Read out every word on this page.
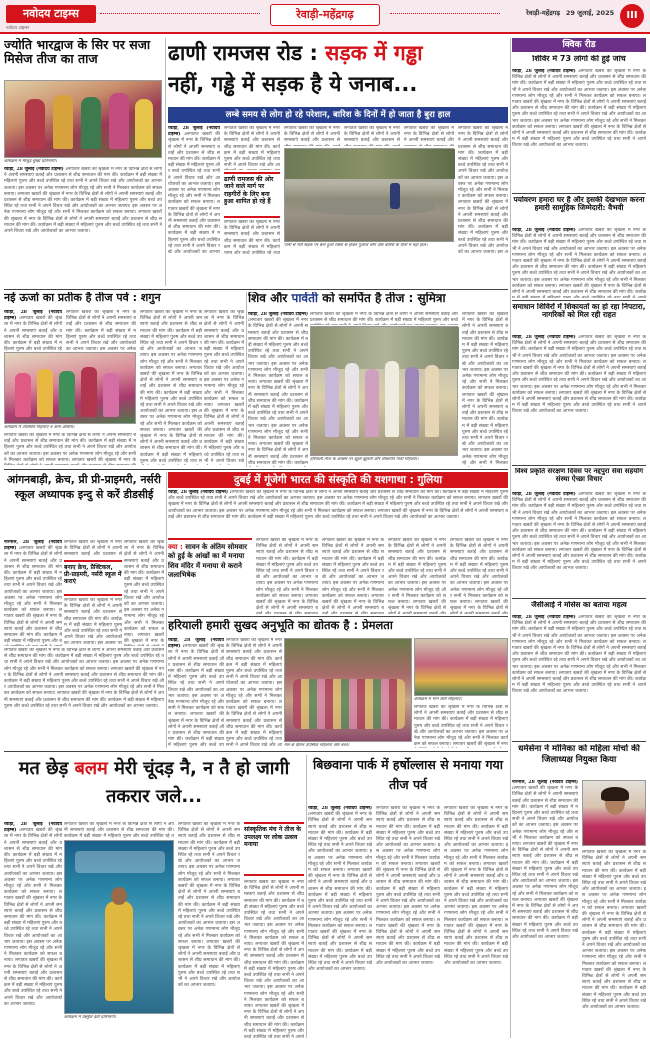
नवोदय टाइम्स
नवोदय टाइम्स
रेवाड़ी-महेंद्रगढ़	रेवाड़ी-महेंद्रगढ़ 29 जुलाई, 2025	III
ज्योति भारद्वाज के सिर पर सजा मिसेज तीज का ताज
कार्यक्रम में मौजूद मुख्य प्रतिभागी।
रेवाड़ी, 28 जुलाई (नवोदय टाइम्स) :लगातार खबरों की श्रृंखला में नगर के विभिन्न क्षेत्रों से लोगों ने अपनी समस्याएं बताईं और प्रशासन से शीघ्र समाधान की मांग की। कार्यक्रम में बड़ी संख्या में महिलाएं पुरुष और बच्चे उपस्थित रहे तथा सभी ने अपने विचार रखे और आयोजकों का आभार जताया। इस अवसर पर अनेक गणमान्य लोग मौजूद रहे और सभी ने मिलकर कार्यक्रम को सफल बनाया। लगातार खबरों की श्रृंखला में नगर के विभिन्न क्षेत्रों से लोगों ने अपनी समस्याएं बताईं और प्रशासन से शीघ्र समाधान की मांग की। कार्यक्रम में बड़ी संख्या में महिलाएं पुरुष और बच्चे उपस्थित रहे तथा सभी ने अपने विचार रखे और आयोजकों का आभार जताया। इस अवसर पर अनेक गणमान्य लोग मौजूद रहे और सभी ने मिलकर कार्यक्रम को सफल बनाया। लगातार खबरों की श्रृंखला में नगर के विभिन्न क्षेत्रों से लोगों ने अपनी समस्याएं बताईं और प्रशासन से शीघ्र समाधान की मांग की। कार्यक्रम में बड़ी संख्या में महिलाएं पुरुष और बच्चे उपस्थित रहे तथा सभी ने अपने विचार रखे और आयोजकों का आभार जताया।
ढाणी रामजस रोड : सड़क में गड्ढा
नहीं, गड्ढे में सड़क है ये जनाब...
लम्बे समय से लोग हो रहे परेशान, बारिश के दिनों में हो जाता है बुरा हाल
रेवाड़ी, 28 जुलाई (नवोदय टाइम्स) :लगातार खबरों की श्रृंखला में नगर के विभिन्न क्षेत्रों से लोगों ने अपनी समस्याएं बताईं और प्रशासन से शीघ्र समाधान की मांग की। कार्यक्रम में बड़ी संख्या में महिलाएं पुरुष और बच्चे उपस्थित रहे तथा सभी ने अपने विचार रखे और आयोजकों का आभार जताया। इस अवसर पर अनेक गणमान्य लोग मौजूद रहे और सभी ने मिलकर कार्यक्रम को सफल बनाया। लगातार खबरों की श्रृंखला में नगर के विभिन्न क्षेत्रों से लोगों ने अपनी समस्याएं बताईं और प्रशासन से शीघ्र समाधान की मांग की। कार्यक्रम में बड़ी संख्या में महिलाएं पुरुष और बच्चे उपस्थित रहे तथा सभी ने अपने विचार रखे और आयोजकों का आभार जताया। इस अवसर पर अनेक गणमान्य लोग मौजूद रहे और सभी ने मिलकर कार्यक्रम को सफल बनाया। लगातार खबरों की श्रृंखला में नगर के विभिन्न क्षेत्रों से लोगों ने अपनी समस्याएं बताईं और प्रशासन से शीघ्र समाधान की मांग की। कार्यक्रम में बड़ी संख्या में महिलाएं पुरुष और बच्चे उपस्थित रहे तथा सभी ने अपने विचार रखे और आयोजकों का आभार जताया।
ढाणी रामजस की ओर जाने वाले मार्ग पर राहगीरों के लिए बना हुआ शापित हो रहे हैं
लगातार खबरों की श्रृंखला में नगर के विभिन्न क्षेत्रों से लोगों ने अपनी समस्याएं बताईं और प्रशासन से शीघ्र समाधान की मांग की। कार्यक्रम में बड़ी संख्या में महिलाएं पुरुष और बच्चे उपस्थित रहे तथा सभी ने अपने विचार रखे और आयोजकों का आभार जताया। इस अवसर पर अनेक गणमान्य लोग मौजूद रहे और सभी ने मिलकर कार्यक्रम को सफल बनाया। लगातार खबरों की श्रृंखला में नगर के विभिन्न क्षेत्रों से लोगों ने अपनी समस्याएं बताईं और प्रशासन से शीघ्र समाधान की मांग की। कार्यक्रम में बड़ी संख्या में महिलाएं पुरुष और बच्चे उपस्थित रहे तथा सभी ने अपने विचार रखे और आयोजकों का आभार जताया। इस अवसर पर अनेक गणमान्य लोग मौजूद रहे और सभी ने मिलकर कार्यक्रम को सफल बनाया। लगातार खबरों की श्रृंखला में नगर के विभिन्न क्षेत्रों से लोगों ने अपनी समस्याएं बताईं और प्रशासन से शीघ्र समाधान की मांग की। कार्यक्रम में बड़ी संख्या में महिलाएं पुरुष और बच्चे उपस्थित रहे तथा सभी ने अपने विचार रखे और आयोजकों का आभार जताया।
लगातार खबरों की श्रृंखला में नगर के विभिन्न क्षेत्रों से लोगों ने अपनी समस्याएं बताईं और प्रशासन से शीघ्र समाधान की मांग की। कार्यक्रम में बड़ी संख्या में महिलाएं पुरुष और बच्चे उपस्थित रहे तथा सभी ने अपने विचार रखे और आयोजकों का आभार जताया। इस अवसर पर अनेक गणमान्य लोग मौजूद रहे और सभी ने मिलकर कार्यक्रम को सफल बनाया। लगातार खबरों की श्रृंखला में नगर के विभिन्न क्षेत्रों से लोगों ने अपनी समस्याएं बताईं और प्रशासन से शीघ्र समाधान की मांग की। कार्यक्रम में बड़ी संख्या में महिलाएं पुरुष और बच्चे उपस्थित रहे तथा सभी ने अपने विचार रखे और आयोजकों का आभार जताया। इस अवसर पर अनेक गणमान्य लोग मौजूद रहे और सभी ने मिलकर कार्यक्रम को सफल बनाया। लगातार खबरों की श्रृंखला में नगर के विभिन्न क्षेत्रों से लोगों ने अपनी समस्याएं बताईं और प्रशासन से शीघ्र समाधान की मांग की। कार्यक्रम में बड़ी संख्या में महिलाएं पुरुष और बच्चे उपस्थित रहे तथा सभी ने अपने विचार रखे और आयोजकों का आभार जताया।
लगातार खबरों की श्रृंखला में नगर के विभिन्न क्षेत्रों से लोगों ने अपनी समस्याएं बताईं और प्रशासन से शीघ्र समाधान की मांग की। कार्यक्रम में बड़ी संख्या में महिलाएं पुरुष और बच्चे उपस्थित रहे तथा सभी ने अपने विचार रखे और आयोजकों का आभार जताया। इस अवसर पर अनेक गणमान्य लोग मौजूद रहे और सभी ने मिलकर कार्यक्रम को सफल बनाया। लगातार खबरों की श्रृंखला में नगर के विभिन्न क्षेत्रों से लोगों ने अपनी समस्याएं बताईं और प्रशासन से शीघ्र समाधान की मांग की। कार्यक्रम में बड़ी संख्या में महिलाएं पुरुष और बच्चे उपस्थित रहे तथा सभी ने अपने विचार रखे और आयोजकों का आभार जताया। इस अवसर पर अनेक गणमान्य लोग मौजूद रहे और सभी ने मिलकर कार्यक्रम को सफल बनाया। लगातार खबरों की श्रृंखला में नगर के विभिन्न क्षेत्रों से लोगों ने अपनी समस्याएं बताईं और प्रशासन से शीघ्र समाधान की मांग की। कार्यक्रम में बड़ी संख्या में महिलाएं पुरुष और बच्चे उपस्थित रहे तथा सभी ने अपने विचार रखे और आयोजकों का आभार जताया।
लगातार खबरों की श्रृंखला में नगर के विभिन्न क्षेत्रों से लोगों ने अपनी समस्याएं बताईं और प्रशासन से शीघ्र समाधान की मांग की। कार्यक्रम में बड़ी संख्या में महिलाएं पुरुष और बच्चे उपस्थित रहे तथा सभी ने अपने विचार रखे और आयोजकों का आभार जताया। इस अवसर पर अनेक गणमान्य लोग मौजूद रहे और सभी ने मिलकर कार्यक्रम को सफल बनाया। लगातार खबरों की श्रृंखला में नगर के विभिन्न क्षेत्रों से लोगों ने अपनी समस्याएं बताईं और प्रशासन से शीघ्र समाधान की मांग की। कार्यक्रम में बड़ी संख्या में महिलाएं पुरुष और बच्चे उपस्थित रहे तथा सभी ने अपने विचार रखे और आयोजकों का आभार जताया। इस अवसर पर अनेक गणमान्य लोग मौजूद रहे और सभी ने मिलकर कार्यक्रम को सफल बनाया। लगातार खबरों की श्रृंखला में नगर के विभिन्न क्षेत्रों से लोगों ने अपनी समस्याएं बताईं और प्रशासन से शीघ्र समाधान की मांग की। कार्यक्रम में बड़ी संख्या में महिलाएं पुरुष और बच्चे उपस्थित रहे तथा सभी ने अपने विचार रखे और आयोजकों का आभार जताया।
लगातार खबरों की श्रृंखला में नगर के विभिन्न क्षेत्रों से लोगों ने अपनी समस्याएं बताईं और प्रशासन से शीघ्र समाधान की मांग की। कार्यक्रम में बड़ी संख्या में महिलाएं पुरुष और बच्चे उपस्थित रहे तथा सभी ने अपने विचार रखे और आयोजकों का आभार जताया। इस अवसर पर अनेक गणमान्य लोग मौजूद रहे और सभी ने मिलकर कार्यक्रम को सफल बनाया। लगातार खबरों की श्रृंखला में नगर के विभिन्न क्षेत्रों से लोगों ने अपनी समस्याएं बताईं और प्रशासन से शीघ्र समाधान की मांग की। कार्यक्रम में बड़ी संख्या में महिलाएं पुरुष और बच्चे उपस्थित रहे तथा सभी ने अपने विचार रखे और आयोजकों का आभार जताया। इस अवसर पर अनेक गणमान्य लोग मौजूद रहे और सभी ने मिलकर कार्यक्रम को सफल बनाया। लगातार खबरों की श्रृंखला में नगर के विभिन्न क्षेत्रों से लोगों ने अपनी समस्याएं बताईं और प्रशासन से शीघ्र समाधान की मांग की। कार्यक्रम में बड़ी संख्या में महिलाएं पुरुष और बच्चे उपस्थित रहे तथा सभी ने अपने विचार रखे और आयोजकों का आभार जताया।
लगातार खबरों की श्रृंखला में नगर के विभिन्न क्षेत्रों से लोगों ने अपनी समस्याएं बताईं और प्रशासन से शीघ्र समाधान की मांग की। कार्यक्रम में बड़ी संख्या में महिलाएं पुरुष और बच्चे उपस्थित रहे तथा सभी ने अपने विचार रखे और आयोजकों का आभार जताया। इस अवसर पर अनेक गणमान्य लोग मौजूद रहे और सभी ने मिलकर कार्यक्रम को सफल बनाया। लगातार खबरों की श्रृंखला में नगर के विभिन्न क्षेत्रों से लोगों ने अपनी समस्याएं बताईं और प्रशासन से शीघ्र समाधान की मांग की। कार्यक्रम में बड़ी संख्या में महिलाएं पुरुष और बच्चे उपस्थित रहे तथा सभी ने अपने विचार रखे और आयोजकों का आभार जताया। इस अवसर पर अनेक गणमान्य लोग मौजूद रहे और सभी ने मिलकर कार्यक्रम को सफल बनाया। लगातार खबरों की श्रृंखला में नगर के विभिन्न क्षेत्रों से लोगों ने अपनी समस्याएं बताईं और प्रशासन से शीघ्र समाधान की मांग की। कार्यक्रम में बड़ी संख्या में महिलाएं पुरुष और बच्चे उपस्थित रहे तथा सभी ने अपने विचार रखे और आयोजकों का आभार जताया।
पानी से भरी सड़क पर बना हुआ रास्ता से होकर गुजरते लोग और बारिश के दिनों में यही हाल।
क्विक रीड
शिविर में 73 लोगों की हुई जांच
रेवाड़ी, 28 जुलाई (नवोदय टाइम्स) :लगातार खबरों की श्रृंखला में नगर के विभिन्न क्षेत्रों से लोगों ने अपनी समस्याएं बताईं और प्रशासन से शीघ्र समाधान की मांग की। कार्यक्रम में बड़ी संख्या में महिलाएं पुरुष और बच्चे उपस्थित रहे तथा सभी ने अपने विचार रखे और आयोजकों का आभार जताया। इस अवसर पर अनेक गणमान्य लोग मौजूद रहे और सभी ने मिलकर कार्यक्रम को सफल बनाया। लगातार खबरों की श्रृंखला में नगर के विभिन्न क्षेत्रों से लोगों ने अपनी समस्याएं बताईं और प्रशासन से शीघ्र समाधान की मांग की। कार्यक्रम में बड़ी संख्या में महिलाएं पुरुष और बच्चे उपस्थित रहे तथा सभी ने अपने विचार रखे और आयोजकों का आभार जताया। इस अवसर पर अनेक गणमान्य लोग मौजूद रहे और सभी ने मिलकर कार्यक्रम को सफल बनाया। लगातार खबरों की श्रृंखला में नगर के विभिन्न क्षेत्रों से लोगों ने अपनी समस्याएं बताईं और प्रशासन से शीघ्र समाधान की मांग की। कार्यक्रम में बड़ी संख्या में महिलाएं पुरुष और बच्चे उपस्थित रहे तथा सभी ने अपने विचार रखे और आयोजकों का आभार जताया।
पर्यावरण हमारा घर है और इसकी देखभाल करना हमारी सामूहिक जिम्मेदारी: वैभवी
रेवाड़ी, 28 जुलाई (नवोदय टाइम्स) :लगातार खबरों की श्रृंखला में नगर के विभिन्न क्षेत्रों से लोगों ने अपनी समस्याएं बताईं और प्रशासन से शीघ्र समाधान की मांग की। कार्यक्रम में बड़ी संख्या में महिलाएं पुरुष और बच्चे उपस्थित रहे तथा सभी ने अपने विचार रखे और आयोजकों का आभार जताया। इस अवसर पर अनेक गणमान्य लोग मौजूद रहे और सभी ने मिलकर कार्यक्रम को सफल बनाया। लगातार खबरों की श्रृंखला में नगर के विभिन्न क्षेत्रों से लोगों ने अपनी समस्याएं बताईं और प्रशासन से शीघ्र समाधान की मांग की। कार्यक्रम में बड़ी संख्या में महिलाएं पुरुष और बच्चे उपस्थित रहे तथा सभी ने अपने विचार रखे और आयोजकों का आभार जताया। इस अवसर पर अनेक गणमान्य लोग मौजूद रहे और सभी ने मिलकर कार्यक्रम को सफल बनाया। लगातार खबरों की श्रृंखला में नगर के विभिन्न क्षेत्रों से लोगों ने अपनी समस्याएं बताईं और प्रशासन से शीघ्र समाधान की मांग की। कार्यक्रम में बड़ी संख्या में महिलाएं पुरुष और बच्चे उपस्थित रहे तथा सभी ने अपने विचार रखे और आयोजकों का आभार जताया।
नई ऊर्जा का प्रतीक है तीज पर्व : शगुन
रेवाड़ी, 28 जुलाई (नवोदय टाइम्स) :लगातार खबरों की श्रृंखला में नगर के विभिन्न क्षेत्रों से लोगों ने अपनी समस्याएं बताईं और प्रशासन से शीघ्र समाधान की मांग की। कार्यक्रम में बड़ी संख्या में महिलाएं पुरुष और बच्चे उपस्थित रहे तथा सभी ने अपने विचार रखे और आयोजकों का आभार जताया। इस अवसर पर अनेक गणमान्य लोग मौजूद रहे और सभी ने मिलकर कार्यक्रम को सफल बनाया। लगातार खबरों की श्रृंखला में नगर के विभिन्न क्षेत्रों से लोगों ने अपनी समस्याएं बताईं और प्रशासन से शीघ्र समाधान की मांग की। कार्यक्रम में बड़ी संख्या में महिलाएं पुरुष और बच्चे उपस्थित रहे तथा सभी ने अपने विचार रखे और आयोजकों का आभार जताया। इस अवसर पर अनेक गणमान्य लोग मौजूद रहे और सभी ने मिलकर कार्यक्रम को सफल बनाया। लगातार खबरों की श्रृंखला में नगर के विभिन्न क्षेत्रों से लोगों ने अपनी समस्याएं बताईं और प्रशासन से शीघ्र समाधान की मांग की। कार्यक्रम में बड़ी संख्या में महिलाएं पुरुष और बच्चे उपस्थित रहे तथा सभी ने अपने विचार रखे और आयोजकों का आभार जताया।
कार्यक्रम में उपस्थित महिलाएं व अन्य अतिथि।
लगातार खबरों की श्रृंखला में नगर के विभिन्न क्षेत्रों से लोगों ने अपनी समस्याएं बताईं और प्रशासन से शीघ्र समाधान की मांग की। कार्यक्रम में बड़ी संख्या में महिलाएं पुरुष और बच्चे उपस्थित रहे तथा सभी ने अपने विचार रखे और आयोजकों का आभार जताया। इस अवसर पर अनेक गणमान्य लोग मौजूद रहे और सभी ने मिलकर कार्यक्रम को सफल बनाया। लगातार खबरों की श्रृंखला में नगर के विभिन्न क्षेत्रों से लोगों ने अपनी समस्याएं बताईं और प्रशासन से शीघ्र समाधान की मांग की। कार्यक्रम में बड़ी संख्या में महिलाएं पुरुष और बच्चे उपस्थित रहे तथा सभी ने अपने विचार रखे और आयोजकों का आभार जताया। इस अवसर पर अनेक गणमान्य लोग मौजूद रहे और सभी ने मिलकर कार्यक्रम को सफल बनाया। लगातार खबरों की श्रृंखला में नगर के विभिन्न क्षेत्रों से लोगों ने अपनी समस्याएं बताईं और प्रशासन से शीघ्र समाधान की मांग की। कार्यक्रम में बड़ी संख्या में महिलाएं पुरुष और बच्चे उपस्थित रहे तथा सभी ने अपने विचार रखे और आयोजकों का आभार जताया।
लगातार खबरों की श्रृंखला में नगर के विभिन्न क्षेत्रों से लोगों ने अपनी समस्याएं बताईं और प्रशासन से शीघ्र समाधान की मांग की। कार्यक्रम में बड़ी संख्या में महिलाएं पुरुष और बच्चे उपस्थित रहे तथा सभी ने अपने विचार रखे और आयोजकों का आभार जताया। इस अवसर पर अनेक गणमान्य लोग मौजूद रहे और सभी ने मिलकर कार्यक्रम को सफल बनाया। लगातार खबरों की श्रृंखला में नगर के विभिन्न क्षेत्रों से लोगों ने अपनी समस्याएं बताईं और प्रशासन से शीघ्र समाधान की मांग की। कार्यक्रम में बड़ी संख्या में महिलाएं पुरुष और बच्चे उपस्थित रहे तथा सभी ने अपने विचार रखे और आयोजकों का आभार जताया। इस अवसर पर अनेक गणमान्य लोग मौजूद रहे और सभी ने मिलकर कार्यक्रम को सफल बनाया। लगातार खबरों की श्रृंखला में नगर के विभिन्न क्षेत्रों से लोगों ने अपनी समस्याएं बताईं और प्रशासन से शीघ्र समाधान की मांग की। कार्यक्रम में बड़ी संख्या में महिलाएं पुरुष और बच्चे उपस्थित रहे तथा सभी ने अपने विचार रखे और आयोजकों का आभार जताया।
लगातार खबरों की श्रृंखला में नगर के विभिन्न क्षेत्रों से लोगों ने अपनी समस्याएं बताईं और प्रशासन से शीघ्र समाधान की मांग की। कार्यक्रम में बड़ी संख्या में महिलाएं पुरुष और बच्चे उपस्थित रहे तथा सभी ने अपने विचार रखे और आयोजकों का आभार जताया। इस अवसर पर अनेक गणमान्य लोग मौजूद रहे और सभी ने मिलकर कार्यक्रम को सफल बनाया। लगातार खबरों की श्रृंखला में नगर के विभिन्न क्षेत्रों से लोगों ने अपनी समस्याएं बताईं और प्रशासन से शीघ्र समाधान की मांग की। कार्यक्रम में बड़ी संख्या में महिलाएं पुरुष और बच्चे उपस्थित रहे तथा सभी ने अपने विचार रखे और आयोजकों का आभार जताया। इस अवसर पर अनेक गणमान्य लोग मौजूद रहे और सभी ने मिलकर कार्यक्रम को सफल बनाया। लगातार खबरों की श्रृंखला में नगर के विभिन्न क्षेत्रों से लोगों ने अपनी समस्याएं बताईं और प्रशासन से शीघ्र समाधान की मांग की। कार्यक्रम में बड़ी संख्या में महिलाएं पुरुष और बच्चे उपस्थित रहे तथा सभी ने अपने विचार रखे और आयोजकों का आभार जताया।
लगातार खबरों की श्रृंखला में नगर के विभिन्न क्षेत्रों से लोगों ने अपनी समस्याएं बताईं और प्रशासन से शीघ्र समाधान की मांग की। कार्यक्रम में बड़ी संख्या में महिलाएं पुरुष और बच्चे उपस्थित रहे तथा सभी ने अपने विचार रखे और आयोजकों का आभार जताया। इस अवसर पर अनेक गणमान्य लोग मौजूद रहे और सभी ने मिलकर कार्यक्रम को सफल बनाया। लगातार खबरों की श्रृंखला में नगर के विभिन्न क्षेत्रों से लोगों ने अपनी समस्याएं बताईं और प्रशासन से शीघ्र समाधान की मांग की। कार्यक्रम में बड़ी संख्या में महिलाएं पुरुष और बच्चे उपस्थित रहे तथा सभी ने अपने विचार रखे और आयोजकों का आभार जताया। इस अवसर पर अनेक गणमान्य लोग मौजूद रहे और सभी ने मिलकर कार्यक्रम को सफल बनाया। लगातार खबरों की श्रृंखला में नगर के विभिन्न क्षेत्रों से लोगों ने अपनी समस्याएं बताईं और प्रशासन से शीघ्र समाधान की मांग की। कार्यक्रम में बड़ी संख्या में महिलाएं पुरुष और बच्चे उपस्थित रहे तथा सभी ने अपने विचार रखे और आयोजकों का आभार जताया।
शिव और पार्वती को समर्पित है तीज : सुमित्रा
रेवाड़ी, 28 जुलाई (नवोदय टाइम्स) :लगातार खबरों की श्रृंखला में नगर के विभिन्न क्षेत्रों से लोगों ने अपनी समस्याएं बताईं और प्रशासन से शीघ्र समाधान की मांग की। कार्यक्रम में बड़ी संख्या में महिलाएं पुरुष और बच्चे उपस्थित रहे तथा सभी ने अपने विचार रखे और आयोजकों का आभार जताया। इस अवसर पर अनेक गणमान्य लोग मौजूद रहे और सभी ने मिलकर कार्यक्रम को सफल बनाया। लगातार खबरों की श्रृंखला में नगर के विभिन्न क्षेत्रों से लोगों ने अपनी समस्याएं बताईं और प्रशासन से शीघ्र समाधान की मांग की। कार्यक्रम में बड़ी संख्या में महिलाएं पुरुष और बच्चे उपस्थित रहे तथा सभी ने अपने विचार रखे और आयोजकों का आभार जताया। इस अवसर पर अनेक गणमान्य लोग मौजूद रहे और सभी ने मिलकर कार्यक्रम को सफल बनाया। लगातार खबरों की श्रृंखला में नगर के विभिन्न क्षेत्रों से लोगों ने अपनी समस्याएं बताईं और प्रशासन से शीघ्र समाधान की मांग की। कार्यक्रम में बड़ी संख्या में महिलाएं पुरुष और बच्चे उपस्थित रहे तथा सभी ने अपने विचार रखे और आयोजकों का आभार जताया।
हरियाली तीज के अवसर पर झूला झूलती और लोकगीत गाती महिलाएं।
लगातार खबरों की श्रृंखला में नगर के विभिन्न क्षेत्रों से लोगों ने अपनी समस्याएं बताईं और प्रशासन से शीघ्र समाधान की मांग की। कार्यक्रम में बड़ी संख्या में महिलाएं पुरुष और बच्चे उपस्थित रहे तथा सभी ने अपने विचार रखे और आयोजकों का आभार जताया। इस अवसर पर अनेक गणमान्य लोग मौजूद रहे और सभी ने मिलकर कार्यक्रम को सफल बनाया। लगातार खबरों की श्रृंखला में नगर के विभिन्न क्षेत्रों से लोगों ने अपनी समस्याएं बताईं और प्रशासन से शीघ्र समाधान की मांग की। कार्यक्रम में बड़ी संख्या में महिलाएं पुरुष और बच्चे उपस्थित रहे तथा सभी ने अपने विचार रखे और आयोजकों का आभार जताया। इस अवसर पर अनेक गणमान्य लोग मौजूद रहे और सभी ने मिलकर कार्यक्रम को सफल बनाया। लगातार खबरों की श्रृंखला में नगर के विभिन्न क्षेत्रों से लोगों ने अपनी समस्याएं बताईं और प्रशासन से शीघ्र समाधान की मांग की। कार्यक्रम में बड़ी संख्या में महिलाएं पुरुष और बच्चे उपस्थित रहे तथा सभी ने अपने विचार रखे और आयोजकों का आभार जताया।
लगातार खबरों की श्रृंखला में नगर के विभिन्न क्षेत्रों से लोगों ने अपनी समस्याएं बताईं और प्रशासन से शीघ्र समाधान की मांग की। कार्यक्रम में बड़ी संख्या में महिलाएं पुरुष और बच्चे उपस्थित रहे तथा सभी ने अपने विचार रखे और आयोजकों का आभार जताया। इस अवसर पर अनेक गणमान्य लोग मौजूद रहे और सभी ने मिलकर कार्यक्रम को सफल बनाया। लगातार खबरों की श्रृंखला में नगर के विभिन्न क्षेत्रों से लोगों ने अपनी समस्याएं बताईं और प्रशासन से शीघ्र समाधान की मांग की। कार्यक्रम में बड़ी संख्या में महिलाएं पुरुष और बच्चे उपस्थित रहे तथा सभी ने अपने विचार रखे और आयोजकों का आभार जताया। इस अवसर पर अनेक गणमान्य लोग मौजूद रहे और सभी ने मिलकर कार्यक्रम को सफल बनाया। लगातार खबरों की श्रृंखला में नगर के विभिन्न क्षेत्रों से लोगों ने अपनी समस्याएं बताईं और प्रशासन से शीघ्र समाधान की मांग की। कार्यक्रम में बड़ी संख्या में महिलाएं पुरुष और बच्चे उपस्थित रहे तथा सभी ने अपने विचार रखे और आयोजकों का आभार जताया।
समाधान शिविरों में शिकायतों का हो रहा निपटारा, नागरिकों को मिल रही राहत
रेवाड़ी, 28 जुलाई (नवोदय टाइम्स) :लगातार खबरों की श्रृंखला में नगर के विभिन्न क्षेत्रों से लोगों ने अपनी समस्याएं बताईं और प्रशासन से शीघ्र समाधान की मांग की। कार्यक्रम में बड़ी संख्या में महिलाएं पुरुष और बच्चे उपस्थित रहे तथा सभी ने अपने विचार रखे और आयोजकों का आभार जताया। इस अवसर पर अनेक गणमान्य लोग मौजूद रहे और सभी ने मिलकर कार्यक्रम को सफल बनाया। लगातार खबरों की श्रृंखला में नगर के विभिन्न क्षेत्रों से लोगों ने अपनी समस्याएं बताईं और प्रशासन से शीघ्र समाधान की मांग की। कार्यक्रम में बड़ी संख्या में महिलाएं पुरुष और बच्चे उपस्थित रहे तथा सभी ने अपने विचार रखे और आयोजकों का आभार जताया। इस अवसर पर अनेक गणमान्य लोग मौजूद रहे और सभी ने मिलकर कार्यक्रम को सफल बनाया। लगातार खबरों की श्रृंखला में नगर के विभिन्न क्षेत्रों से लोगों ने अपनी समस्याएं बताईं और प्रशासन से शीघ्र समाधान की मांग की। कार्यक्रम में बड़ी संख्या में महिलाएं पुरुष और बच्चे उपस्थित रहे तथा सभी ने अपने विचार रखे और आयोजकों का आभार जताया।
विश्व प्रकृति संरक्षण दिवस पर नद्दपुरा सेवा सहयोग संस्था ऐच्छा विचार
रेवाड़ी, 28 जुलाई (नवोदय टाइम्स) :लगातार खबरों की श्रृंखला में नगर के विभिन्न क्षेत्रों से लोगों ने अपनी समस्याएं बताईं और प्रशासन से शीघ्र समाधान की मांग की। कार्यक्रम में बड़ी संख्या में महिलाएं पुरुष और बच्चे उपस्थित रहे तथा सभी ने अपने विचार रखे और आयोजकों का आभार जताया। इस अवसर पर अनेक गणमान्य लोग मौजूद रहे और सभी ने मिलकर कार्यक्रम को सफल बनाया। लगातार खबरों की श्रृंखला में नगर के विभिन्न क्षेत्रों से लोगों ने अपनी समस्याएं बताईं और प्रशासन से शीघ्र समाधान की मांग की। कार्यक्रम में बड़ी संख्या में महिलाएं पुरुष और बच्चे उपस्थित रहे तथा सभी ने अपने विचार रखे और आयोजकों का आभार जताया। इस अवसर पर अनेक गणमान्य लोग मौजूद रहे और सभी ने मिलकर कार्यक्रम को सफल बनाया। लगातार खबरों की श्रृंखला में नगर के विभिन्न क्षेत्रों से लोगों ने अपनी समस्याएं बताईं और प्रशासन से शीघ्र समाधान की मांग की। कार्यक्रम में बड़ी संख्या में महिलाएं पुरुष और बच्चे उपस्थित रहे तथा सभी ने अपने विचार रखे और आयोजकों का आभार जताया।
दुबई में गूंजेगी भारत की संस्कृति की यशगाथा : गुलिया
रेवाड़ी, 28 जुलाई (नवोदय टाइम्स) :लगातार खबरों की श्रृंखला में नगर के विभिन्न क्षेत्रों से लोगों ने अपनी समस्याएं बताईं और प्रशासन से शीघ्र समाधान की मांग की। कार्यक्रम में बड़ी संख्या में महिलाएं पुरुष और बच्चे उपस्थित रहे तथा सभी ने अपने विचार रखे और आयोजकों का आभार जताया। इस अवसर पर अनेक गणमान्य लोग मौजूद रहे और सभी ने मिलकर कार्यक्रम को सफल बनाया। लगातार खबरों की श्रृंखला में नगर के विभिन्न क्षेत्रों से लोगों ने अपनी समस्याएं बताईं और प्रशासन से शीघ्र समाधान की मांग की। कार्यक्रम में बड़ी संख्या में महिलाएं पुरुष और बच्चे उपस्थित रहे तथा सभी ने अपने विचार रखे और आयोजकों का आभार जताया। इस अवसर पर अनेक गणमान्य लोग मौजूद रहे और सभी ने मिलकर कार्यक्रम को सफल बनाया। लगातार खबरों की श्रृंखला में नगर के विभिन्न क्षेत्रों से लोगों ने अपनी समस्याएं बताईं और प्रशासन से शीघ्र समाधान की मांग की। कार्यक्रम में बड़ी संख्या में महिलाएं पुरुष और बच्चे उपस्थित रहे तथा सभी ने अपने विचार रखे और आयोजकों का आभार जताया।
आंगनबाड़ी, क्रेच, प्री प्री-प्राइमरी, नर्सरी स्कूल अध्यापक इन्दु से करें डीडसीई
नारनौल, 28 जुलाई (नवोदय टाइम्स) :लगातार खबरों की श्रृंखला में नगर के विभिन्न क्षेत्रों से लोगों ने अपनी समस्याएं बताईं और प्रशासन से शीघ्र समाधान की मांग की। कार्यक्रम में बड़ी संख्या में महिलाएं पुरुष और बच्चे उपस्थित रहे तथा सभी ने अपने विचार रखे और आयोजकों का आभार जताया। इस अवसर पर अनेक गणमान्य लोग मौजूद रहे और सभी ने मिलकर कार्यक्रम को सफल बनाया। लगातार खबरों की श्रृंखला में नगर के विभिन्न क्षेत्रों से लोगों ने अपनी समस्याएं बताईं और प्रशासन से शीघ्र समाधान की मांग की। कार्यक्रम में बड़ी संख्या में महिलाएं पुरुष और बच्चे उपस्थित रहे तथा सभी ने अपने विचार रखे और आयोजकों का आभार जताया। इस अवसर पर अनेक गणमान्य लोग मौजूद रहे और सभी ने मिलकर कार्यक्रम को सफल बनाया। लगातार खबरों की श्रृंखला में नगर के विभिन्न क्षेत्रों से लोगों ने अपनी समस्याएं बताईं और प्रशासन से शीघ्र समाधान की मांग की। कार्यक्रम में बड़ी संख्या में महिलाएं पुरुष और बच्चे उपस्थित रहे तथा सभी ने अपने विचार रखे और आयोजकों का आभार जताया।
बनाए क्रेच, प्रैक्टिकल, प्री-प्राइमरी, नर्सरी स्कूल में कराएं
लगातार खबरों की श्रृंखला में नगर के विभिन्न क्षेत्रों से लोगों ने अपनी समस्याएं बताईं और प्रशासन से शीघ्र समाधान की मांग की। कार्यक्रम में बड़ी संख्या में महिलाएं पुरुष और बच्चे उपस्थित रहे तथा सभी ने अपने विचार रखे और आयोजकों का आभार जताया। इस अवसर पर अनेक गणमान्य लोग मौजूद रहे और सभी ने मिलकर कार्यक्रम को सफल बनाया। लगातार खबरों की श्रृंखला में नगर के विभिन्न क्षेत्रों से लोगों ने अपनी समस्याएं बताईं और प्रशासन से शीघ्र समाधान की मांग की। कार्यक्रम में बड़ी संख्या में महिलाएं पुरुष और बच्चे उपस्थित रहे तथा सभी ने अपने विचार रखे और आयोजकों का आभार जताया। इस अवसर पर अनेक गणमान्य लोग मौजूद रहे और सभी ने मिलकर कार्यक्रम को सफल बनाया। लगातार खबरों की श्रृंखला में नगर के विभिन्न क्षेत्रों से लोगों ने अपनी समस्याएं बताईं और प्रशासन से शीघ्र समाधान की मांग की। कार्यक्रम में बड़ी संख्या में महिलाएं पुरुष और बच्चे उपस्थित रहे तथा सभी ने अपने विचार रखे और आयोजकों का आभार जताया।
लगातार खबरों की श्रृंखला में नगर के विभिन्न क्षेत्रों से लोगों ने अपनी समस्याएं बताईं और प्रशासन से शीघ्र समाधान की मांग की। कार्यक्रम में बड़ी संख्या में महिलाएं पुरुष और बच्चे उपस्थित रहे तथा सभी ने अपने विचार रखे और आयोजकों का आभार जताया। इस अवसर पर अनेक गणमान्य लोग मौजूद रहे और सभी ने मिलकर कार्यक्रम को सफल बनाया। लगातार खबरों की श्रृंखला में नगर के विभिन्न क्षेत्रों से लोगों ने अपनी समस्याएं बताईं और प्रशासन से शीघ्र समाधान की मांग की। कार्यक्रम में बड़ी संख्या में महिलाएं पुरुष और बच्चे उपस्थित रहे तथा सभी ने अपने विचार रखे और आयोजकों का आभार जताया। इस अवसर पर अनेक गणमान्य लोग मौजूद रहे और सभी ने मिलकर कार्यक्रम को सफल बनाया। लगातार खबरों की श्रृंखला में नगर के विभिन्न क्षेत्रों से लोगों ने अपनी समस्याएं बताईं और प्रशासन से शीघ्र समाधान की मांग की। कार्यक्रम में बड़ी संख्या में महिलाएं पुरुष और बच्चे उपस्थित रहे तथा सभी ने अपने विचार रखे और आयोजकों का आभार जताया।
लगातार खबरों की श्रृंखला में नगर के विभिन्न क्षेत्रों से लोगों ने अपनी समस्याएं बताईं और प्रशासन से शीघ्र समाधान की मांग की। कार्यक्रम में बड़ी संख्या में महिलाएं पुरुष और बच्चे उपस्थित रहे तथा सभी ने अपने विचार रखे और आयोजकों का आभार जताया। इस अवसर पर अनेक गणमान्य लोग मौजूद रहे और सभी ने मिलकर कार्यक्रम को सफल बनाया। लगातार खबरों की श्रृंखला में नगर के विभिन्न क्षेत्रों से लोगों ने अपनी समस्याएं बताईं और प्रशासन से शीघ्र समाधान की मांग की। कार्यक्रम में बड़ी संख्या में महिलाएं पुरुष और बच्चे उपस्थित रहे तथा सभी ने अपने विचार रखे और आयोजकों का आभार जताया। इस अवसर पर अनेक गणमान्य लोग मौजूद रहे और सभी ने मिलकर कार्यक्रम को सफल बनाया। लगातार खबरों की श्रृंखला में नगर के विभिन्न क्षेत्रों से लोगों ने अपनी समस्याएं बताईं और प्रशासन से शीघ्र समाधान की मांग की। कार्यक्रम में बड़ी संख्या में महिलाएं पुरुष और बच्चे उपस्थित रहे तथा सभी ने अपने विचार रखे और आयोजकों का आभार जताया।
क्या : सावन के अंतिम सोमवार को हुई के आंखों का में मनाया शिव मंदिर में मनाया से कराने जलाभिषेक
लगातार खबरों की श्रृंखला में नगर के विभिन्न क्षेत्रों से लोगों ने अपनी समस्याएं बताईं और प्रशासन से शीघ्र समाधान की मांग की। कार्यक्रम में बड़ी संख्या में महिलाएं पुरुष और बच्चे उपस्थित रहे तथा सभी ने अपने विचार रखे और आयोजकों का आभार जताया। इस अवसर पर अनेक गणमान्य लोग मौजूद रहे और सभी ने मिलकर कार्यक्रम को सफल बनाया। लगातार खबरों की श्रृंखला में नगर के विभिन्न क्षेत्रों से लोगों ने अपनी समस्याएं बताईं और प्रशासन से शीघ्र समाधान की मांग की। कार्यक्रम में बड़ी संख्या में महिलाएं पुरुष और बच्चे उपस्थित रहे तथा सभी ने अपने विचार रखे और आयोजकों का आभार जताया। इस अवसर पर अनेक गणमान्य लोग मौजूद रहे और सभी ने मिलकर कार्यक्रम को सफल बनाया। लगातार खबरों की श्रृंखला में नगर के विभिन्न क्षेत्रों से लोगों ने अपनी समस्याएं बताईं और प्रशासन से शीघ्र समाधान की मांग की। कार्यक्रम में बड़ी संख्या में महिलाएं पुरुष और बच्चे उपस्थित रहे तथा सभी ने अपने विचार रखे और आयोजकों का आभार जताया।
लगातार खबरों की श्रृंखला में नगर के विभिन्न क्षेत्रों से लोगों ने अपनी समस्याएं बताईं और प्रशासन से शीघ्र समाधान की मांग की। कार्यक्रम में बड़ी संख्या में महिलाएं पुरुष और बच्चे उपस्थित रहे तथा सभी ने अपने विचार रखे और आयोजकों का आभार जताया। इस अवसर पर अनेक गणमान्य लोग मौजूद रहे और सभी ने मिलकर कार्यक्रम को सफल बनाया। लगातार खबरों की श्रृंखला में नगर के विभिन्न क्षेत्रों से लोगों ने अपनी समस्याएं बताईं और प्रशासन से शीघ्र समाधान की मांग की। कार्यक्रम में बड़ी संख्या में महिलाएं पुरुष और बच्चे उपस्थित रहे तथा सभी ने अपने विचार रखे और आयोजकों का आभार जताया। इस अवसर पर अनेक गणमान्य लोग मौजूद रहे और सभी ने मिलकर कार्यक्रम को सफल बनाया। लगातार खबरों की श्रृंखला में नगर के विभिन्न क्षेत्रों से लोगों ने अपनी समस्याएं बताईं और प्रशासन से शीघ्र समाधान की मांग की। कार्यक्रम में बड़ी संख्या में महिलाएं पुरुष और बच्चे उपस्थित रहे तथा सभी ने अपने विचार रखे और आयोजकों का आभार जताया।
लगातार खबरों की श्रृंखला में नगर के विभिन्न क्षेत्रों से लोगों ने अपनी समस्याएं बताईं और प्रशासन से शीघ्र समाधान की मांग की। कार्यक्रम में बड़ी संख्या में महिलाएं पुरुष और बच्चे उपस्थित रहे तथा सभी ने अपने विचार रखे और आयोजकों का आभार जताया। इस अवसर पर अनेक गणमान्य लोग मौजूद रहे और सभी ने मिलकर कार्यक्रम को सफल बनाया। लगातार खबरों की श्रृंखला में नगर के विभिन्न क्षेत्रों से लोगों ने अपनी समस्याएं बताईं और प्रशासन से शीघ्र समाधान की मांग की। कार्यक्रम में बड़ी संख्या में महिलाएं पुरुष और बच्चे उपस्थित रहे तथा सभी ने अपने विचार रखे और आयोजकों का आभार जताया। इस अवसर पर अनेक गणमान्य लोग मौजूद रहे और सभी ने मिलकर कार्यक्रम को सफल बनाया। लगातार खबरों की श्रृंखला में नगर के विभिन्न क्षेत्रों से लोगों ने अपनी समस्याएं बताईं और प्रशासन से शीघ्र समाधान की मांग की। कार्यक्रम में बड़ी संख्या में महिलाएं पुरुष और बच्चे उपस्थित रहे तथा सभी ने अपने विचार रखे और आयोजकों का आभार जताया।
लगातार खबरों की श्रृंखला में नगर के विभिन्न क्षेत्रों से लोगों ने अपनी समस्याएं बताईं और प्रशासन से शीघ्र समाधान की मांग की। कार्यक्रम में बड़ी संख्या में महिलाएं पुरुष और बच्चे उपस्थित रहे तथा सभी ने अपने विचार रखे और आयोजकों का आभार जताया। इस अवसर पर अनेक गणमान्य लोग मौजूद रहे और सभी ने मिलकर कार्यक्रम को सफल बनाया। लगातार खबरों की श्रृंखला में नगर के विभिन्न क्षेत्रों से लोगों ने अपनी समस्याएं बताईं और प्रशासन से शीघ्र समाधान की मांग की। कार्यक्रम में बड़ी संख्या में महिलाएं पुरुष और बच्चे उपस्थित रहे तथा सभी ने अपने विचार रखे और आयोजकों का आभार जताया। इस अवसर पर अनेक गणमान्य लोग मौजूद रहे और सभी ने मिलकर कार्यक्रम को सफल बनाया। लगातार खबरों की श्रृंखला में नगर के विभिन्न क्षेत्रों से लोगों ने अपनी समस्याएं बताईं और प्रशासन से शीघ्र समाधान की मांग की। कार्यक्रम में बड़ी संख्या में महिलाएं पुरुष और बच्चे उपस्थित रहे तथा सभी ने अपने विचार रखे और आयोजकों का आभार जताया।
हरियाली हमारी सुखद अनुभूति का द्योतक है : प्रेमलता
रेवाड़ी, 28 जुलाई (नवोदय टाइम्स) :लगातार खबरों की श्रृंखला में नगर के विभिन्न क्षेत्रों से लोगों ने अपनी समस्याएं बताईं और प्रशासन से शीघ्र समाधान की मांग की। कार्यक्रम में बड़ी संख्या में महिलाएं पुरुष और बच्चे उपस्थित रहे तथा सभी ने अपने विचार रखे और आयोजकों का आभार जताया। इस अवसर पर अनेक गणमान्य लोग मौजूद रहे और सभी ने मिलकर कार्यक्रम को सफल बनाया। लगातार खबरों की श्रृंखला में नगर के विभिन्न क्षेत्रों से लोगों ने अपनी समस्याएं बताईं और प्रशासन से शीघ्र समाधान की मांग की। कार्यक्रम में बड़ी संख्या में महिलाएं पुरुष और बच्चे उपस्थित रहे तथा सभी ने अपने विचार रखे और आयोजकों का आभार जताया। इस अवसर पर अनेक गणमान्य लोग मौजूद रहे और सभी ने मिलकर कार्यक्रम को सफल बनाया। लगातार खबरों की श्रृंखला में नगर के विभिन्न क्षेत्रों से लोगों ने अपनी समस्याएं बताईं और प्रशासन से शीघ्र समाधान की मांग की। कार्यक्रम में बड़ी संख्या में महिलाएं पुरुष और बच्चे उपस्थित रहे तथा सभी ने अपने विचार रखे और आयोजकों का आभार जताया।
लगातार खबरों की श्रृंखला में नगर के विभिन्न क्षेत्रों से लोगों ने अपनी समस्याएं बताईं और प्रशासन से शीघ्र समाधान की मांग की। कार्यक्रम में बड़ी संख्या में महिलाएं पुरुष और बच्चे उपस्थित रहे तथा सभी ने अपने विचार रखे और आयोजकों का आभार जताया। इस अवसर पर अनेक गणमान्य लोग मौजूद रहे और सभी ने मिलकर कार्यक्रम को सफल बनाया। लगातार खबरों की श्रृंखला में नगर के विभिन्न क्षेत्रों से लोगों ने अपनी समस्याएं बताईं और प्रशासन से शीघ्र समाधान की मांग की। कार्यक्रम में बड़ी संख्या में महिलाएं पुरुष और बच्चे उपस्थित रहे तथा सभी ने अपने विचार रखे और आयोजकों का आभार जताया। इस अवसर पर अनेक गणमान्य लोग मौजूद रहे और सभी ने मिलकर कार्यक्रम को सफल बनाया। लगातार खबरों की श्रृंखला में नगर के विभिन्न क्षेत्रों से लोगों ने अपनी समस्याएं बताईं और प्रशासन से शीघ्र समाधान की मांग की। कार्यक्रम में बड़ी संख्या में महिलाएं पुरुष और बच्चे उपस्थित रहे तथा सभी ने अपने विचार रखे और आयोजकों का आभार जताया।
मेले के दौरान उपस्थित महिलाएं और बच्चे।
कार्यक्रम में भाग लेती महिलाएं।
लगातार खबरों की श्रृंखला में नगर के विभिन्न क्षेत्रों से लोगों ने अपनी समस्याएं बताईं और प्रशासन से शीघ्र समाधान की मांग की। कार्यक्रम में बड़ी संख्या में महिलाएं पुरुष और बच्चे उपस्थित रहे तथा सभी ने अपने विचार रखे और आयोजकों का आभार जताया। इस अवसर पर अनेक गणमान्य लोग मौजूद रहे और सभी ने मिलकर कार्यक्रम को सफल बनाया। लगातार खबरों की श्रृंखला में नगर के विभिन्न क्षेत्रों से लोगों ने अपनी समस्याएं बताईं और प्रशासन से शीघ्र समाधान की मांग की। कार्यक्रम में बड़ी संख्या में महिलाएं पुरुष और बच्चे उपस्थित रहे तथा सभी ने अपने विचार रखे और आयोजकों का आभार जताया। इस अवसर पर अनेक गणमान्य लोग मौजूद रहे और सभी ने मिलकर कार्यक्रम को सफल बनाया। लगातार खबरों की श्रृंखला में नगर के विभिन्न क्षेत्रों से लोगों ने अपनी समस्याएं बताईं और प्रशासन से शीघ्र समाधान की मांग की। कार्यक्रम में बड़ी संख्या में महिलाएं पुरुष और बच्चे उपस्थित रहे तथा सभी ने अपने विचार रखे और आयोजकों का आभार जताया।
जैसीआई ने मोसेस का बताया महत्व
रेवाड़ी, 28 जुलाई (नवोदय टाइम्स) :लगातार खबरों की श्रृंखला में नगर के विभिन्न क्षेत्रों से लोगों ने अपनी समस्याएं बताईं और प्रशासन से शीघ्र समाधान की मांग की। कार्यक्रम में बड़ी संख्या में महिलाएं पुरुष और बच्चे उपस्थित रहे तथा सभी ने अपने विचार रखे और आयोजकों का आभार जताया। इस अवसर पर अनेक गणमान्य लोग मौजूद रहे और सभी ने मिलकर कार्यक्रम को सफल बनाया। लगातार खबरों की श्रृंखला में नगर के विभिन्न क्षेत्रों से लोगों ने अपनी समस्याएं बताईं और प्रशासन से शीघ्र समाधान की मांग की। कार्यक्रम में बड़ी संख्या में महिलाएं पुरुष और बच्चे उपस्थित रहे तथा सभी ने अपने विचार रखे और आयोजकों का आभार जताया। इस अवसर पर अनेक गणमान्य लोग मौजूद रहे और सभी ने मिलकर कार्यक्रम को सफल बनाया। लगातार खबरों की श्रृंखला में नगर के विभिन्न क्षेत्रों से लोगों ने अपनी समस्याएं बताईं और प्रशासन से शीघ्र समाधान की मांग की। कार्यक्रम में बड़ी संख्या में महिलाएं पुरुष और बच्चे उपस्थित रहे तथा सभी ने अपने विचार रखे और आयोजकों का आभार जताया।
धर्मसेना ने मोनिका को महिला मोर्चा की जिलाध्यक्ष नियुक्त किया
नारनौल, 28 जुलाई (नवोदय टाइम्स) :लगातार खबरों की श्रृंखला में नगर के विभिन्न क्षेत्रों से लोगों ने अपनी समस्याएं बताईं और प्रशासन से शीघ्र समाधान की मांग की। कार्यक्रम में बड़ी संख्या में महिलाएं पुरुष और बच्चे उपस्थित रहे तथा सभी ने अपने विचार रखे और आयोजकों का आभार जताया। इस अवसर पर अनेक गणमान्य लोग मौजूद रहे और सभी ने मिलकर कार्यक्रम को सफल बनाया। लगातार खबरों की श्रृंखला में नगर के विभिन्न क्षेत्रों से लोगों ने अपनी समस्याएं बताईं और प्रशासन से शीघ्र समाधान की मांग की। कार्यक्रम में बड़ी संख्या में महिलाएं पुरुष और बच्चे उपस्थित रहे तथा सभी ने अपने विचार रखे और आयोजकों का आभार जताया। इस अवसर पर अनेक गणमान्य लोग मौजूद रहे और सभी ने मिलकर कार्यक्रम को सफल बनाया। लगातार खबरों की श्रृंखला में नगर के विभिन्न क्षेत्रों से लोगों ने अपनी समस्याएं बताईं और प्रशासन से शीघ्र समाधान की मांग की। कार्यक्रम में बड़ी संख्या में महिलाएं पुरुष और बच्चे उपस्थित रहे तथा सभी ने अपने विचार रखे और आयोजकों का आभार जताया।
लगातार खबरों की श्रृंखला में नगर के विभिन्न क्षेत्रों से लोगों ने अपनी समस्याएं बताईं और प्रशासन से शीघ्र समाधान की मांग की। कार्यक्रम में बड़ी संख्या में महिलाएं पुरुष और बच्चे उपस्थित रहे तथा सभी ने अपने विचार रखे और आयोजकों का आभार जताया। इस अवसर पर अनेक गणमान्य लोग मौजूद रहे और सभी ने मिलकर कार्यक्रम को सफल बनाया। लगातार खबरों की श्रृंखला में नगर के विभिन्न क्षेत्रों से लोगों ने अपनी समस्याएं बताईं और प्रशासन से शीघ्र समाधान की मांग की। कार्यक्रम में बड़ी संख्या में महिलाएं पुरुष और बच्चे उपस्थित रहे तथा सभी ने अपने विचार रखे और आयोजकों का आभार जताया। इस अवसर पर अनेक गणमान्य लोग मौजूद रहे और सभी ने मिलकर कार्यक्रम को सफल बनाया। लगातार खबरों की श्रृंखला में नगर के विभिन्न क्षेत्रों से लोगों ने अपनी समस्याएं बताईं और प्रशासन से शीघ्र समाधान की मांग की। कार्यक्रम में बड़ी संख्या में महिलाएं पुरुष और बच्चे उपस्थित रहे तथा सभी ने अपने विचार रखे और आयोजकों का आभार जताया।
लगातार खबरों की श्रृंखला में नगर के विभिन्न क्षेत्रों से लोगों ने अपनी समस्याएं बताईं और प्रशासन से शीघ्र समाधान की मांग की। कार्यक्रम में बड़ी संख्या में महिलाएं पुरुष और बच्चे उपस्थित रहे तथा सभी ने अपने विचार रखे और आयोजकों का आभार जताया। इस अवसर पर अनेक गणमान्य लोग मौजूद रहे और सभी ने मिलकर कार्यक्रम को सफल बनाया। लगातार खबरों की श्रृंखला में नगर के विभिन्न क्षेत्रों से लोगों ने अपनी समस्याएं बताईं और प्रशासन से शीघ्र समाधान की मांग की। कार्यक्रम में बड़ी संख्या में महिलाएं पुरुष और बच्चे उपस्थित रहे तथा सभी ने अपने विचार रखे और आयोजकों का आभार जताया। इस अवसर पर अनेक गणमान्य लोग मौजूद रहे और सभी ने मिलकर कार्यक्रम को सफल बनाया। लगातार खबरों की श्रृंखला में नगर के विभिन्न क्षेत्रों से लोगों ने अपनी समस्याएं बताईं और प्रशासन से शीघ्र समाधान की मांग की। कार्यक्रम में बड़ी संख्या में महिलाएं पुरुष और बच्चे उपस्थित रहे तथा सभी ने अपने विचार रखे और आयोजकों का आभार जताया।
मत छेड़ बलम मेरी चूंदड़ नै, न तै हो जागी तकरार जले...
रेवाड़ी, 28 जुलाई (नवोदय टाइम्स) :लगातार खबरों की श्रृंखला में नगर के विभिन्न क्षेत्रों से लोगों ने अपनी समस्याएं बताईं और प्रशासन से शीघ्र समाधान की मांग की। कार्यक्रम में बड़ी संख्या में महिलाएं पुरुष और बच्चे उपस्थित रहे तथा सभी ने अपने विचार रखे और आयोजकों का आभार जताया। इस अवसर पर अनेक गणमान्य लोग मौजूद रहे और सभी ने मिलकर कार्यक्रम को सफल बनाया। लगातार खबरों की श्रृंखला में नगर के विभिन्न क्षेत्रों से लोगों ने अपनी समस्याएं बताईं और प्रशासन से शीघ्र समाधान की मांग की। कार्यक्रम में बड़ी संख्या में महिलाएं पुरुष और बच्चे उपस्थित रहे तथा सभी ने अपने विचार रखे और आयोजकों का आभार जताया। इस अवसर पर अनेक गणमान्य लोग मौजूद रहे और सभी ने मिलकर कार्यक्रम को सफल बनाया। लगातार खबरों की श्रृंखला में नगर के विभिन्न क्षेत्रों से लोगों ने अपनी समस्याएं बताईं और प्रशासन से शीघ्र समाधान की मांग की। कार्यक्रम में बड़ी संख्या में महिलाएं पुरुष और बच्चे उपस्थित रहे तथा सभी ने अपने विचार रखे और आयोजकों का आभार जताया।
कार्यक्रम में प्रस्तुति देती प्रतिभागी।
लगातार खबरों की श्रृंखला में नगर के विभिन्न क्षेत्रों से लोगों ने अपनी समस्याएं बताईं और प्रशासन से शीघ्र समाधान की मांग की। कार्यक्रम में बड़ी संख्या में महिलाएं पुरुष और बच्चे उपस्थित रहे तथा सभी ने अपने विचार रखे और आयोजकों का आभार जताया। इस अवसर पर अनेक गणमान्य लोग मौजूद रहे और सभी ने मिलकर कार्यक्रम को सफल बनाया। लगातार खबरों की श्रृंखला में नगर के विभिन्न क्षेत्रों से लोगों ने अपनी समस्याएं बताईं और प्रशासन से शीघ्र समाधान की मांग की। कार्यक्रम में बड़ी संख्या में महिलाएं पुरुष और बच्चे उपस्थित रहे तथा सभी ने अपने विचार रखे और आयोजकों का आभार जताया। इस अवसर पर अनेक गणमान्य लोग मौजूद रहे और सभी ने मिलकर कार्यक्रम को सफल बनाया। लगातार खबरों की श्रृंखला में नगर के विभिन्न क्षेत्रों से लोगों ने अपनी समस्याएं बताईं और प्रशासन से शीघ्र समाधान की मांग की। कार्यक्रम में बड़ी संख्या में महिलाएं पुरुष और बच्चे उपस्थित रहे तथा सभी ने अपने विचार रखे और आयोजकों का आभार जताया।
लगातार खबरों की श्रृंखला में नगर के विभिन्न क्षेत्रों से लोगों ने अपनी समस्याएं बताईं और प्रशासन से शीघ्र समाधान की मांग की। कार्यक्रम में बड़ी संख्या में महिलाएं पुरुष और बच्चे उपस्थित रहे तथा सभी ने अपने विचार रखे और आयोजकों का आभार जताया। इस अवसर पर अनेक गणमान्य लोग मौजूद रहे और सभी ने मिलकर कार्यक्रम को सफल बनाया। लगातार खबरों की श्रृंखला में नगर के विभिन्न क्षेत्रों से लोगों ने अपनी समस्याएं बताईं और प्रशासन से शीघ्र समाधान की मांग की। कार्यक्रम में बड़ी संख्या में महिलाएं पुरुष और बच्चे उपस्थित रहे तथा सभी ने अपने विचार रखे और आयोजकों का आभार जताया। इस अवसर पर अनेक गणमान्य लोग मौजूद रहे और सभी ने मिलकर कार्यक्रम को सफल बनाया। लगातार खबरों की श्रृंखला में नगर के विभिन्न क्षेत्रों से लोगों ने अपनी समस्याएं बताईं और प्रशासन से शीघ्र समाधान की मांग की। कार्यक्रम में बड़ी संख्या में महिलाएं पुरुष और बच्चे उपस्थित रहे तथा सभी ने अपने विचार रखे और आयोजकों का आभार जताया।
सांस्कृतिक मंच ने तीज के उपलक्ष्य पर लोक उत्सव मनाया
लगातार खबरों की श्रृंखला में नगर के विभिन्न क्षेत्रों से लोगों ने अपनी समस्याएं बताईं और प्रशासन से शीघ्र समाधान की मांग की। कार्यक्रम में बड़ी संख्या में महिलाएं पुरुष और बच्चे उपस्थित रहे तथा सभी ने अपने विचार रखे और आयोजकों का आभार जताया। इस अवसर पर अनेक गणमान्य लोग मौजूद रहे और सभी ने मिलकर कार्यक्रम को सफल बनाया। लगातार खबरों की श्रृंखला में नगर के विभिन्न क्षेत्रों से लोगों ने अपनी समस्याएं बताईं और प्रशासन से शीघ्र समाधान की मांग की। कार्यक्रम में बड़ी संख्या में महिलाएं पुरुष और बच्चे उपस्थित रहे तथा सभी ने अपने विचार रखे और आयोजकों का आभार जताया। इस अवसर पर अनेक गणमान्य लोग मौजूद रहे और सभी ने मिलकर कार्यक्रम को सफल बनाया। लगातार खबरों की श्रृंखला में नगर के विभिन्न क्षेत्रों से लोगों ने अपनी समस्याएं बताईं और प्रशासन से शीघ्र समाधान की मांग की। कार्यक्रम में बड़ी संख्या में महिलाएं पुरुष और बच्चे उपस्थित रहे तथा सभी ने अपने विचार रखे और आयोजकों का आभार जताया।
बिछवाना पार्क में हर्षोल्लास से मनाया गया तीज पर्व
रेवाड़ी, 28 जुलाई (नवोदय टाइम्स) :लगातार खबरों की श्रृंखला में नगर के विभिन्न क्षेत्रों से लोगों ने अपनी समस्याएं बताईं और प्रशासन से शीघ्र समाधान की मांग की। कार्यक्रम में बड़ी संख्या में महिलाएं पुरुष और बच्चे उपस्थित रहे तथा सभी ने अपने विचार रखे और आयोजकों का आभार जताया। इस अवसर पर अनेक गणमान्य लोग मौजूद रहे और सभी ने मिलकर कार्यक्रम को सफल बनाया। लगातार खबरों की श्रृंखला में नगर के विभिन्न क्षेत्रों से लोगों ने अपनी समस्याएं बताईं और प्रशासन से शीघ्र समाधान की मांग की। कार्यक्रम में बड़ी संख्या में महिलाएं पुरुष और बच्चे उपस्थित रहे तथा सभी ने अपने विचार रखे और आयोजकों का आभार जताया। इस अवसर पर अनेक गणमान्य लोग मौजूद रहे और सभी ने मिलकर कार्यक्रम को सफल बनाया। लगातार खबरों की श्रृंखला में नगर के विभिन्न क्षेत्रों से लोगों ने अपनी समस्याएं बताईं और प्रशासन से शीघ्र समाधान की मांग की। कार्यक्रम में बड़ी संख्या में महिलाएं पुरुष और बच्चे उपस्थित रहे तथा सभी ने अपने विचार रखे और आयोजकों का आभार जताया।
लगातार खबरों की श्रृंखला में नगर के विभिन्न क्षेत्रों से लोगों ने अपनी समस्याएं बताईं और प्रशासन से शीघ्र समाधान की मांग की। कार्यक्रम में बड़ी संख्या में महिलाएं पुरुष और बच्चे उपस्थित रहे तथा सभी ने अपने विचार रखे और आयोजकों का आभार जताया। इस अवसर पर अनेक गणमान्य लोग मौजूद रहे और सभी ने मिलकर कार्यक्रम को सफल बनाया। लगातार खबरों की श्रृंखला में नगर के विभिन्न क्षेत्रों से लोगों ने अपनी समस्याएं बताईं और प्रशासन से शीघ्र समाधान की मांग की। कार्यक्रम में बड़ी संख्या में महिलाएं पुरुष और बच्चे उपस्थित रहे तथा सभी ने अपने विचार रखे और आयोजकों का आभार जताया। इस अवसर पर अनेक गणमान्य लोग मौजूद रहे और सभी ने मिलकर कार्यक्रम को सफल बनाया। लगातार खबरों की श्रृंखला में नगर के विभिन्न क्षेत्रों से लोगों ने अपनी समस्याएं बताईं और प्रशासन से शीघ्र समाधान की मांग की। कार्यक्रम में बड़ी संख्या में महिलाएं पुरुष और बच्चे उपस्थित रहे तथा सभी ने अपने विचार रखे और आयोजकों का आभार जताया।
लगातार खबरों की श्रृंखला में नगर के विभिन्न क्षेत्रों से लोगों ने अपनी समस्याएं बताईं और प्रशासन से शीघ्र समाधान की मांग की। कार्यक्रम में बड़ी संख्या में महिलाएं पुरुष और बच्चे उपस्थित रहे तथा सभी ने अपने विचार रखे और आयोजकों का आभार जताया। इस अवसर पर अनेक गणमान्य लोग मौजूद रहे और सभी ने मिलकर कार्यक्रम को सफल बनाया। लगातार खबरों की श्रृंखला में नगर के विभिन्न क्षेत्रों से लोगों ने अपनी समस्याएं बताईं और प्रशासन से शीघ्र समाधान की मांग की। कार्यक्रम में बड़ी संख्या में महिलाएं पुरुष और बच्चे उपस्थित रहे तथा सभी ने अपने विचार रखे और आयोजकों का आभार जताया। इस अवसर पर अनेक गणमान्य लोग मौजूद रहे और सभी ने मिलकर कार्यक्रम को सफल बनाया। लगातार खबरों की श्रृंखला में नगर के विभिन्न क्षेत्रों से लोगों ने अपनी समस्याएं बताईं और प्रशासन से शीघ्र समाधान की मांग की। कार्यक्रम में बड़ी संख्या में महिलाएं पुरुष और बच्चे उपस्थित रहे तथा सभी ने अपने विचार रखे और आयोजकों का आभार जताया।
